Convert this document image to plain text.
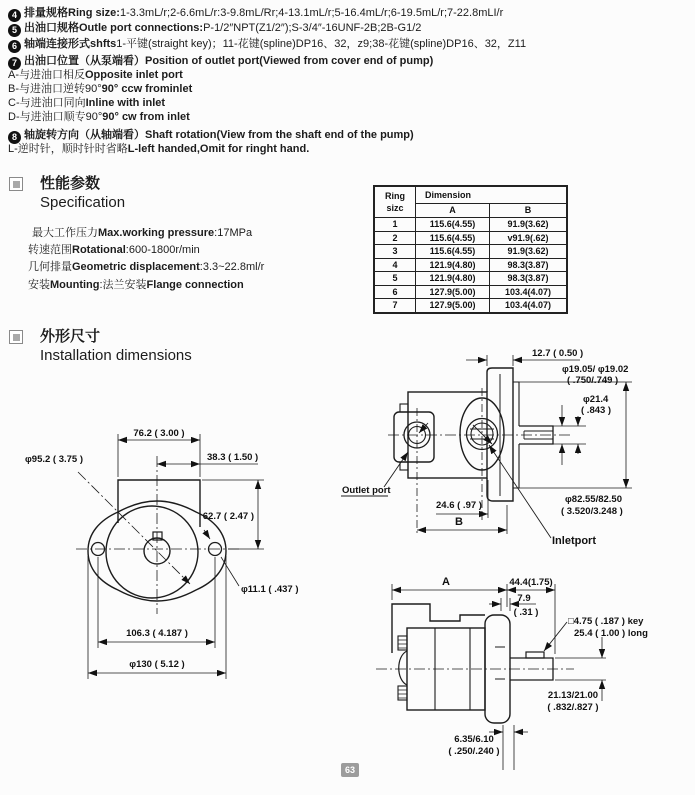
4 排量规格Ring size:1-3.3mL/r;2-6.6mL/r:3-9.8mL/Rr;4-13.1mL/r;5-16.4mL/r;6-19.5mL/r;7-22.8mLI/r
5 出油口规格Outle port connections:P-1/2″NPT(Z1/2″);S-3/4″-16UNF-2B;2B-G1/2
6 轴端连接形式shfts1-平键(straight key)；11-花键(spline)DP16、32，z9;38-花键(spline)DP16、32，Z11
7 出油口位置（从泵端看）Position of outlet port(Viewed from cover end of pump)
A-与进油口相反Opposite inlet port
B-与进油口逆转90°90° ccw frominlet
C-与进油口同向Inline with inlet
D-与进油口顺专90°90° cw from inlet
8 轴旋转方向（从轴端看）Shaft rotation(View from the shaft end of the pump)
L-逆时针，顺时针时省略L-left handed,Omit for ringht hand.
性能参数
Specification
最大工作压力Max.working pressure:17MPa
转速范围Rotational:600-1800r/min
几何排量Geometric displacement:3.3~22.8ml/r
安装Mounting:法兰安装Flange connection
Ring
sizc	Dimension	
	A	B
1	115.6(4.55)	91.9(3.62)
2	115.6(4.55)	v91.9(.62)
3	115.6(4.55)	91.9(3.62)
4	121.9(4.80)	98.3(3.87)
5	121.9(4.80)	98.3(3.87)
6	127.9(5.00)	103.4(4.07)
7	127.9(5.00)	103.4(4.07)
外形尺寸
Installation dimensions
76.2 ( 3.00 )
φ95.2 ( 3.75 )	38.3 ( 1.50 )
62.7 ( 2.47 )
φ11.1 ( .437 )
106.3 ( 4.187 )
φ130 ( 5.12 )
12.7 ( 0.50 )
φ19.05/ φ19.02
( .750/.749 )
φ21.4
( .843 )
φ82.55/82.50
( 3.520/3.248 )
24.6 ( .97 )
B
Outlet port
Inletport
A	44.4(1.75)
7.9
( .31 )
□4.75 ( .187 ) key
25.4 ( 1.00 ) long
21.13/21.00
( .832/.827 )
6.35/6.10
( .250/.240 )
63
